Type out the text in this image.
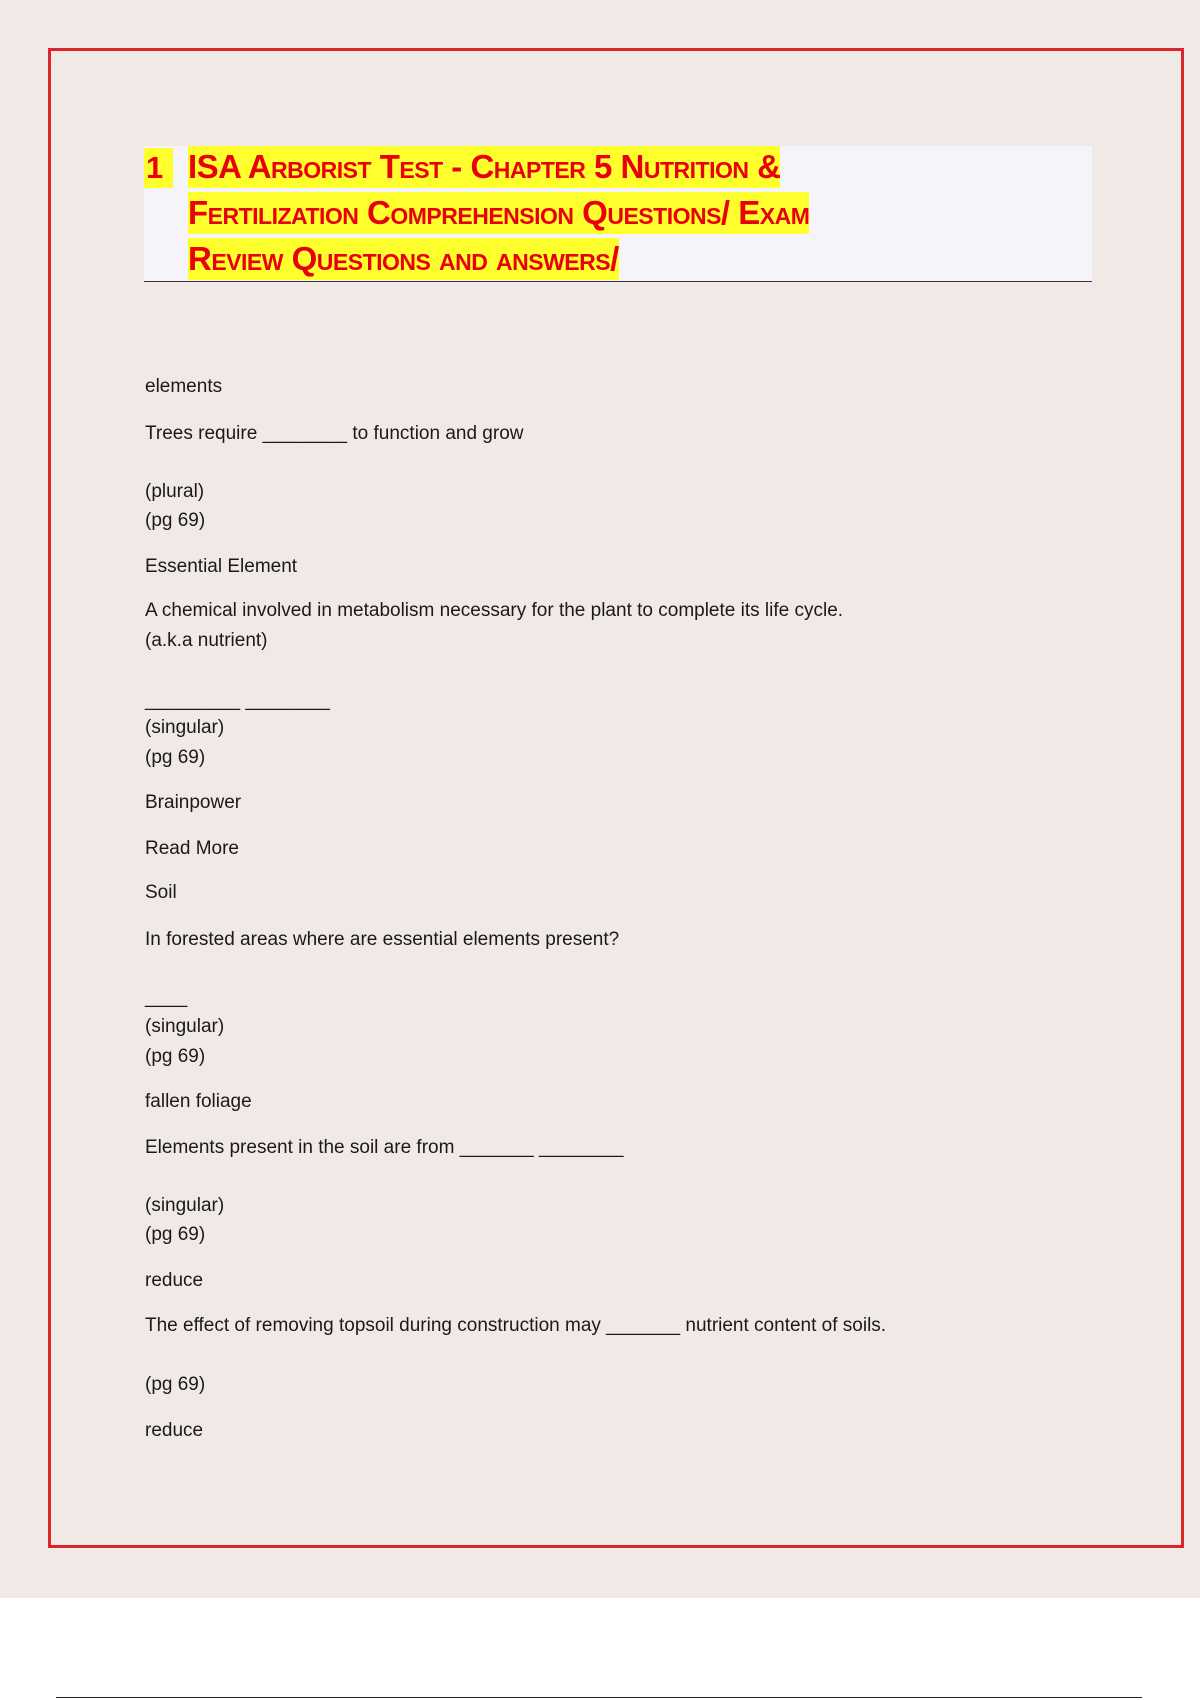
1 ISA Arborist Test - Chapter 5 Nutrition &
Fertilization Comprehension Questions/ Exam
Review Questions and answers/
elements
Trees require ________ to function and grow
(plural)
(pg 69)
Essential Element
A chemical involved in metabolism necessary for the plant to complete its life cycle.
(a.k.a nutrient)
_________ ________
(singular)
(pg 69)
Brainpower
Read More
Soil
In forested areas where are essential elements present?
____
(singular)
(pg 69)
fallen foliage
Elements present in the soil are from _______ ________
(singular)
(pg 69)
reduce
The effect of removing topsoil during construction may _______ nutrient content of soils.
(pg 69)
reduce
